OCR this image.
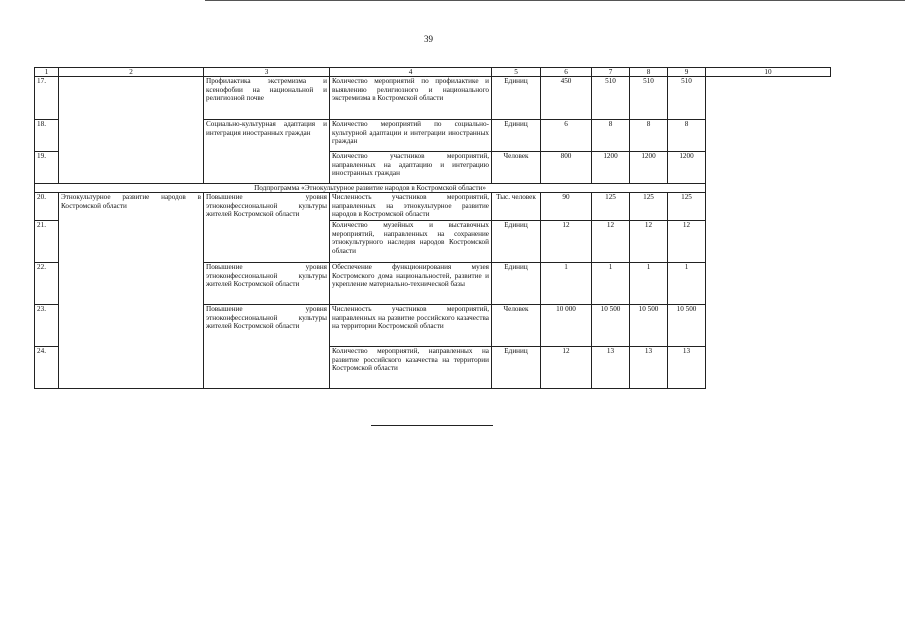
39
1	2	3	4	5	6	7	8	9	10
17.		Профилактика экстремизма и ксенофобии на национальной и религиозной почве	Количество мероприятий по профилактике и выявлению религиозного и национального экстремизма в Костромской области	Единиц	450	510	510	510	
18.		Социально-культурная адаптация и интеграция иностранных граждан	Количество мероприятий по социально-культурной адаптации и интеграции иностранных граждан	Единиц	6	8	8	8	
19.			Количество участников мероприятий, направленных на адаптацию и интеграцию иностранных граждан	Человек	800	1200	1200	1200	
Подпрограмма «Этнокультурное развитие народов в Костромской области»									
20.	Этнокультурное развитие народов в Костромской области	Повышение уровня этноконфессиональной культуры жителей Костромской области	Численность участников мероприятий, направленных на этнокультурное развитие народов в Костромской области	Тыс. человек	90	125	125	125	
21.			Количество музейных и выставочных мероприятий, направленных на сохранение этнокультурного наследия народов Костромской области	Единиц	12	12	12	12	
22.		Повышение уровня этноконфессиональной культуры жителей Костромской области	Обеспечение функционирования музея Костромского дома национальностей, развитие и укрепление материально-технической базы	Единиц	1	1	1	1	
23.		Повышение уровня этноконфессиональной культуры жителей Костромской области	Численность участников мероприятий, направленных на развитие российского казачества на территории Костромской области	Человек	10 000	10 500	10 500	10 500	
24.			Количество мероприятий, направленных на развитие российского казачества на территории Костромской области	Единиц	12	13	13	13	
